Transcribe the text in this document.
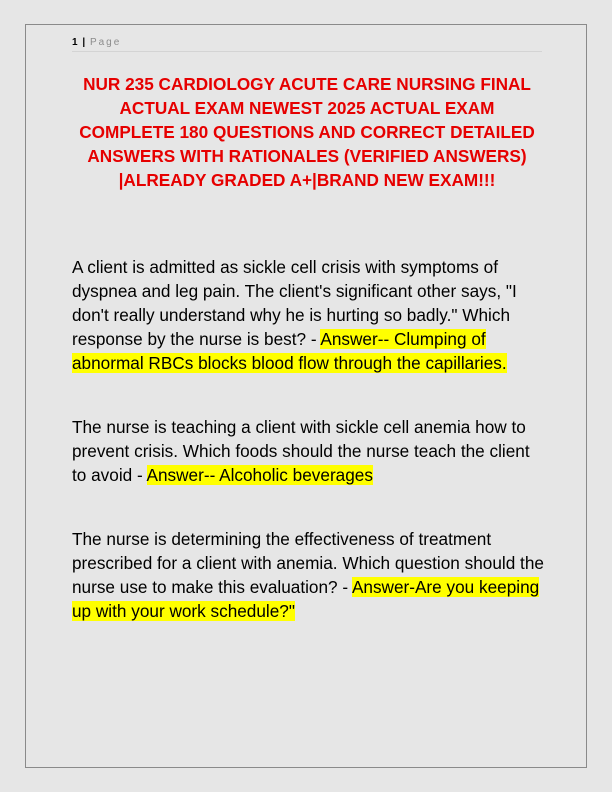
1 | Page
NUR 235 CARDIOLOGY ACUTE CARE NURSING FINAL ACTUAL EXAM NEWEST 2025 ACTUAL EXAM COMPLETE 180 QUESTIONS AND CORRECT DETAILED ANSWERS WITH RATIONALES (VERIFIED ANSWERS) |ALREADY GRADED A+|BRAND NEW EXAM!!!
A client is admitted as sickle cell crisis with symptoms of dyspnea and leg pain. The client's significant other says, "I don't really understand why he is hurting so badly." Which response by the nurse is best? - Answer-- Clumping of abnormal RBCs blocks blood flow through the capillaries.
The nurse is teaching a client with sickle cell anemia how to prevent crisis. Which foods should the nurse teach the client to avoid - Answer-- Alcoholic beverages
The nurse is determining the effectiveness of treatment prescribed for a client with anemia. Which question should the nurse use to make this evaluation? - Answer-Are you keeping up with your work schedule?"
